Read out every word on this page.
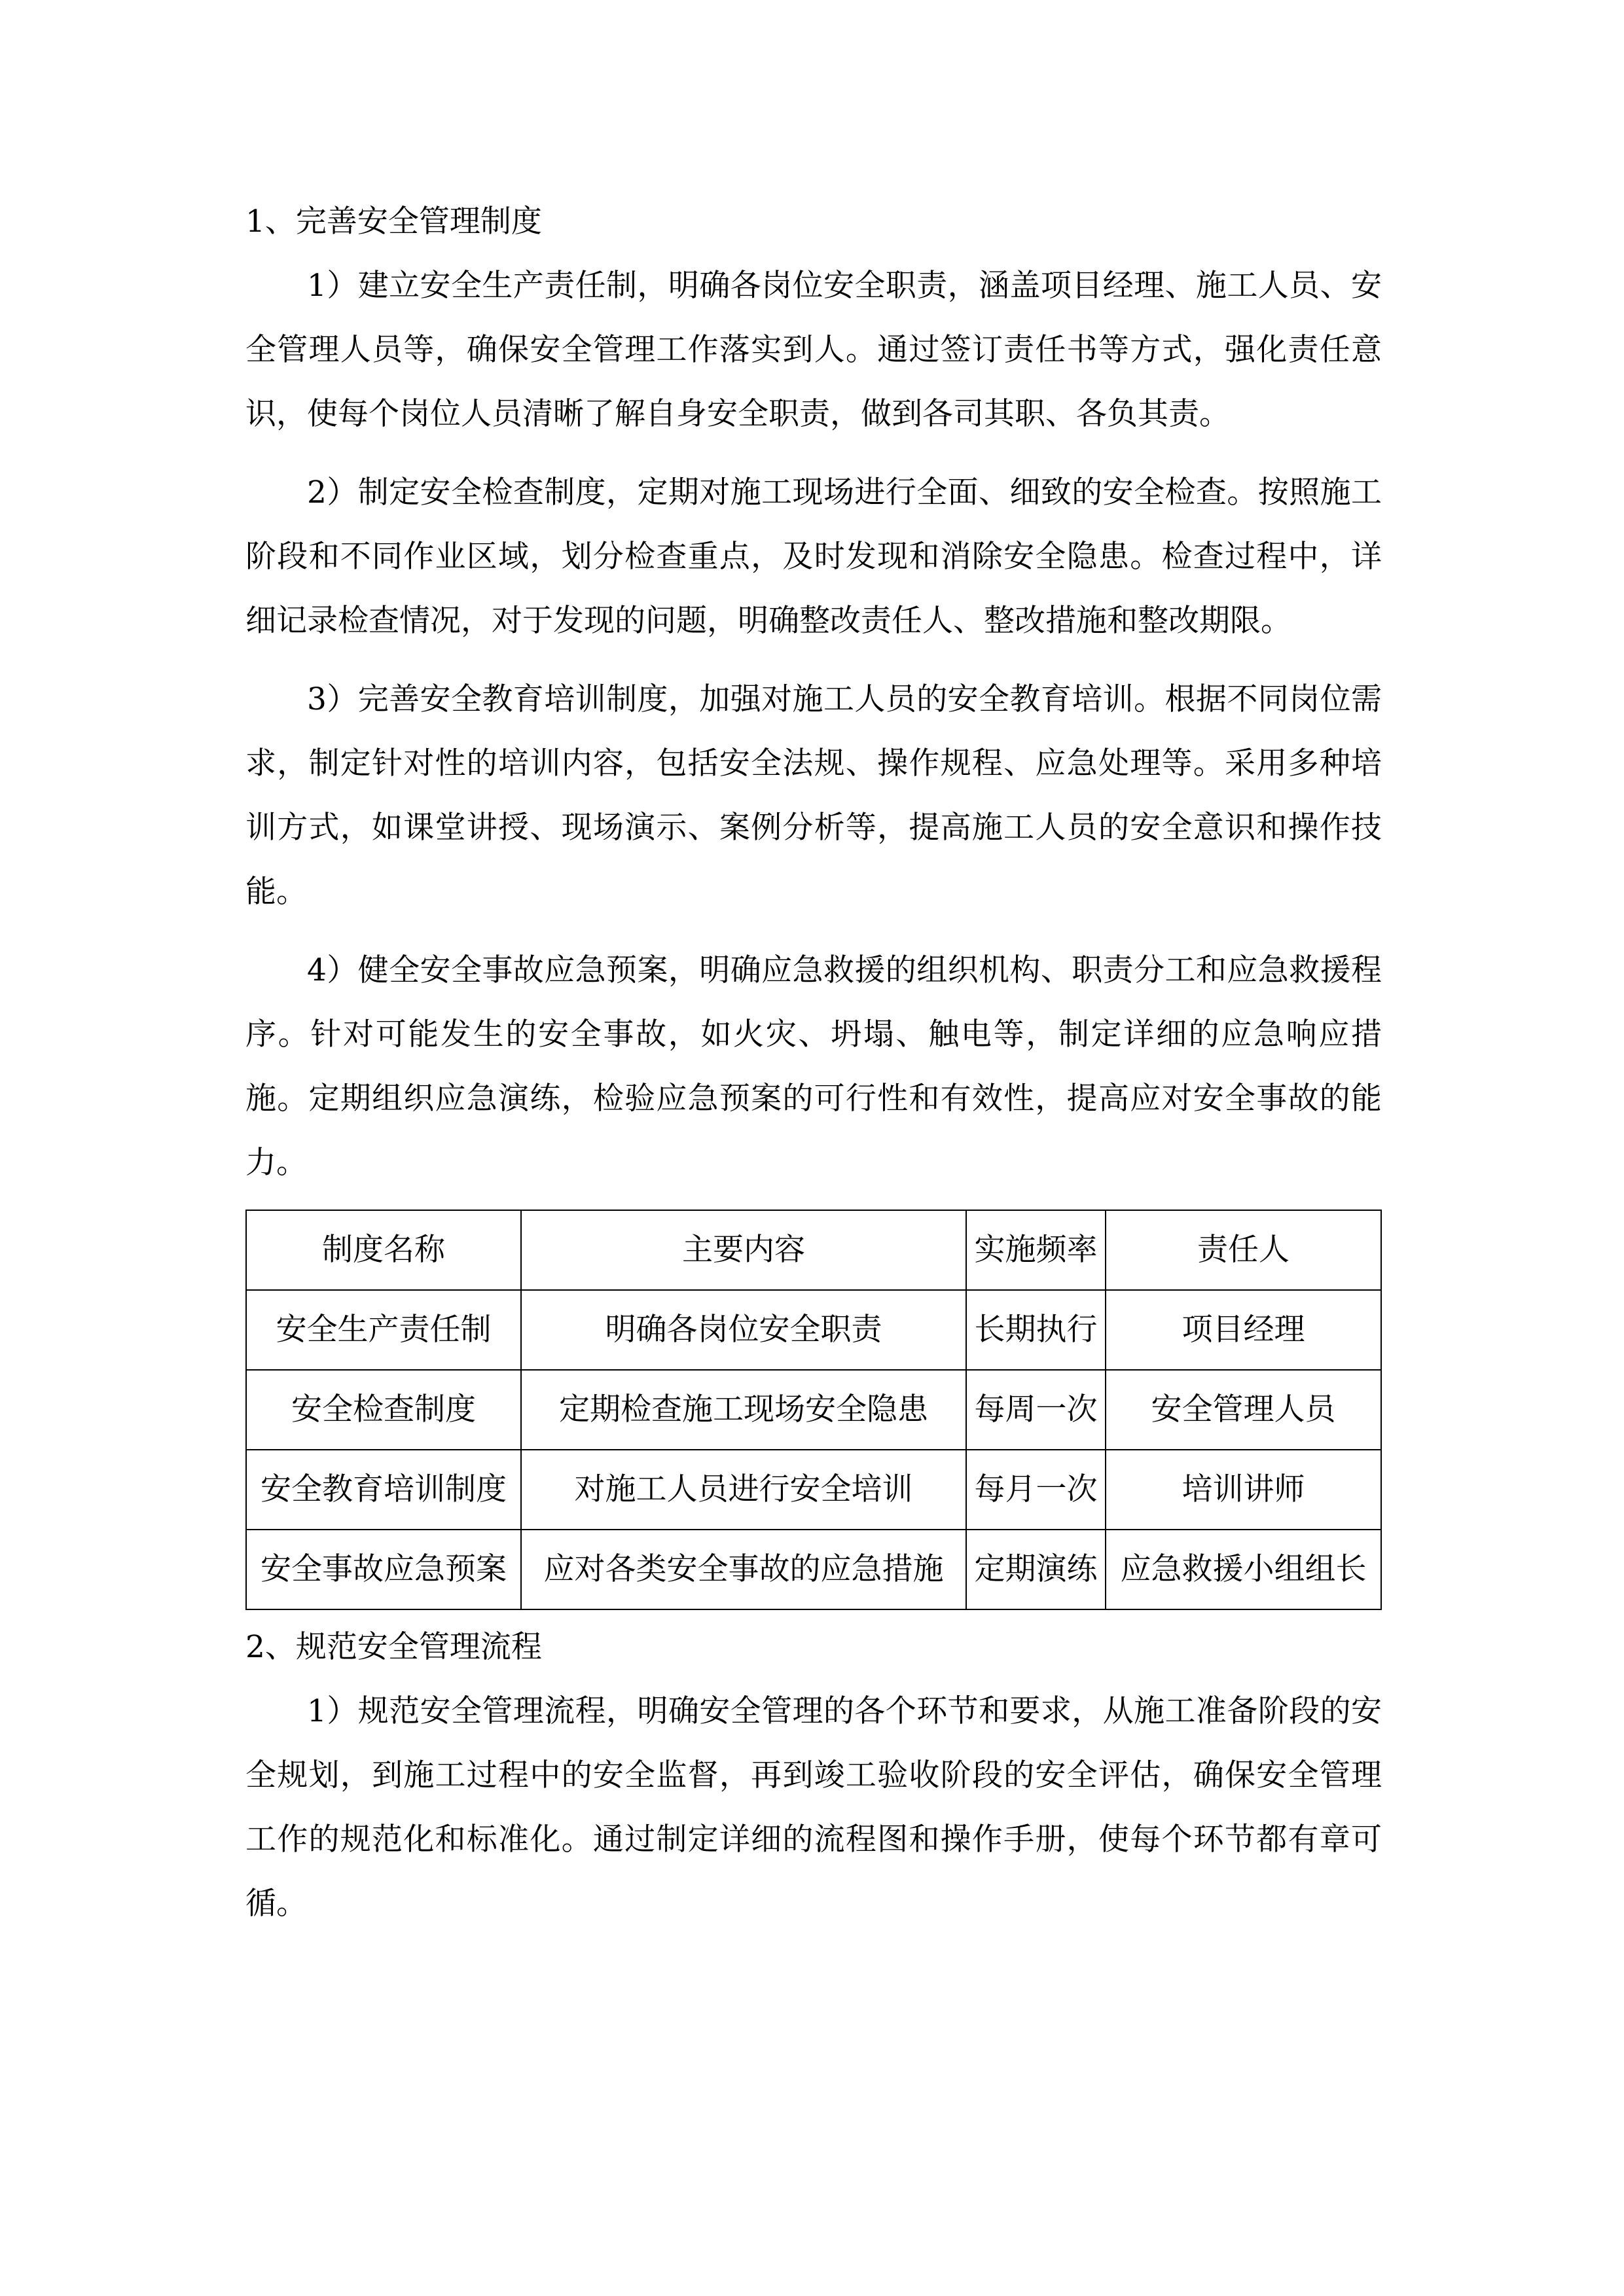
1、完善安全管理制度

1）建立安全生产责任制，明确各岗位安全职责，涵盖项目经理、施工人员、安全管理人员等，确保安全管理工作落实到人。通过签订责任书等方式，强化责任意识，使每个岗位人员清晰了解自身安全职责，做到各司其职、各负其责。

2）制定安全检查制度，定期对施工现场进行全面、细致的安全检查。按照施工阶段和不同作业区域，划分检查重点，及时发现和消除安全隐患。检查过程中，详细记录检查情况，对于发现的问题，明确整改责任人、整改措施和整改期限。

3）完善安全教育培训制度，加强对施工人员的安全教育培训。根据不同岗位需求，制定针对性的培训内容，包括安全法规、操作规程、应急处理等。采用多种培训方式，如课堂讲授、现场演示、案例分析等，提高施工人员的安全意识和操作技能。

4）健全安全事故应急预案，明确应急救援的组织机构、职责分工和应急救援程序。针对可能发生的安全事故，如火灾、坍塌、触电等，制定详细的应急响应措施。定期组织应急演练，检验应急预案的可行性和有效性，提高应对安全事故的能力。

制度名称	主要内容	实施频率	责任人
安全生产责任制	明确各岗位安全职责	长期执行	项目经理
安全检查制度	定期检查施工现场安全隐患	每周一次	安全管理人员
安全教育培训制度	对施工人员进行安全培训	每月一次	培训讲师
安全事故应急预案	应对各类安全事故的应急措施	定期演练	应急救援小组组长

2、规范安全管理流程

1）规范安全管理流程，明确安全管理的各个环节和要求，从施工准备阶段的安全规划，到施工过程中的安全监督，再到竣工验收阶段的安全评估，确保安全管理工作的规范化和标准化。通过制定详细的流程图和操作手册，使每个环节都有章可循。
